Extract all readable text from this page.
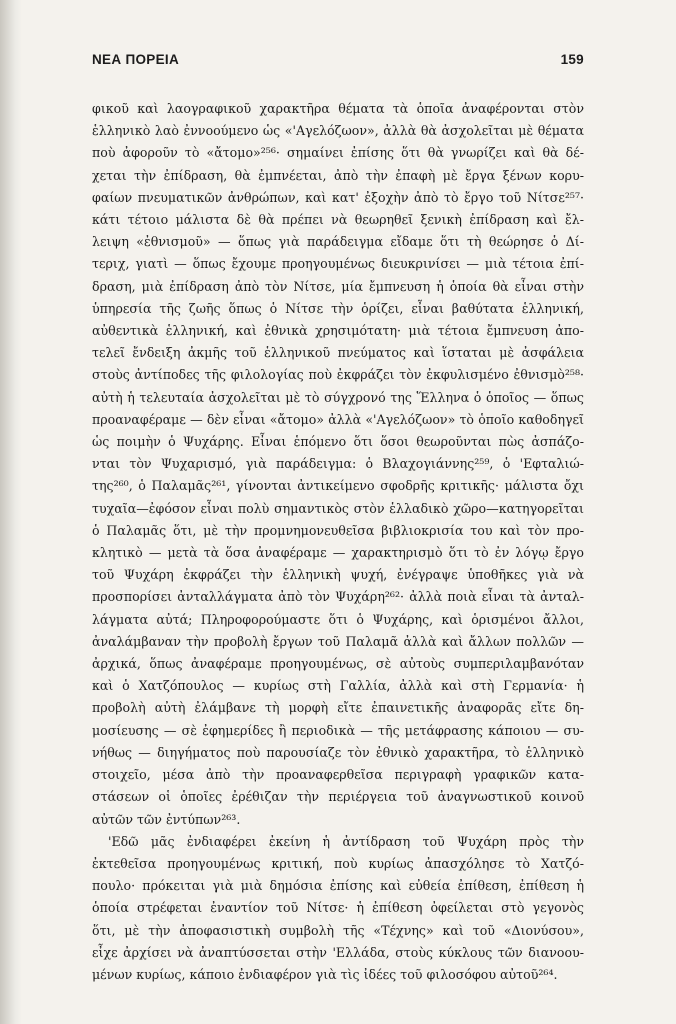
ΝΕΑ ΠΟΡΕΙΑ	159
φικοῦ καὶ λαογραφικοῦ χαρακτῆρα θέματα τὰ ὁποῖα ἀναφέρονται στὸν
ἑλληνικὸ λαὸ ἐννοούμενο ὡς «'Αγελόζωον», ἀλλὰ θὰ ἀσχολεῖται μὲ θέματα
ποὺ ἀφοροῦν τὸ «ἄτομο»²⁵⁶· σημαίνει ἐπίσης ὅτι θὰ γνωρίζει καὶ θὰ δέ-
χεται τὴν ἐπίδραση, θὰ ἐμπνέεται, ἀπὸ τὴν ἐπαφὴ μὲ ἔργα ξένων κορυ-
φαίων πνευματικῶν ἀνθρώπων, καὶ κατ' ἐξοχὴν ἀπὸ τὸ ἔργο τοῦ Νίτσε²⁵⁷·
κάτι τέτοιο μάλιστα δὲ θὰ πρέπει νὰ θεωρηθεῖ ξενικὴ ἐπίδραση καὶ ἔλ-
λειψη «ἐθνισμοῦ» — ὅπως γιὰ παράδειγμα εἴδαμε ὅτι τὴ θεώρησε ὁ Δί-
τεριχ, γιατὶ — ὅπως ἔχουμε προηγουμένως διευκρινίσει — μιὰ τέτοια ἐπί-
δραση, μιὰ ἐπίδραση ἀπὸ τὸν Νίτσε, μία ἔμπνευση ἡ ὁποία θὰ εἶναι στὴν
ὑπηρεσία τῆς ζωῆς ὅπως ὁ Νίτσε τὴν ὁρίζει, εἶναι βαθύτατα ἑλληνική,
αὐθεντικὰ ἑλληνική, καὶ ἐθνικὰ χρησιμότατη· μιὰ τέτοια ἔμπνευση ἀπο-
τελεῖ ἔνδειξη ἀκμῆς τοῦ ἑλληνικοῦ πνεύματος καὶ ἵσταται μὲ ἀσφάλεια
στοὺς ἀντίποδες τῆς φιλολογίας ποὺ ἐκφράζει τὸν ἐκφυλισμένο ἐθνισμὸ²⁵⁸·
αὐτὴ ἡ τελευταία ἀσχολεῖται μὲ τὸ σύγχρονό της Ἕλληνα ὁ ὁποῖος — ὅπως
προαναφέραμε — δὲν εἶναι «ἄτομο» ἀλλὰ «'Αγελόζωον» τὸ ὁποῖο καθοδηγεῖ
ὡς ποιμὴν ὁ Ψυχάρης. Εἶναι ἑπόμενο ὅτι ὅσοι θεωροῦνται πὼς ἀσπάζο-
νται τὸν Ψυχαρισμό, γιὰ παράδειγμα: ὁ Βλαχογιάννης²⁵⁹, ὁ 'Εφταλιώ-
της²⁶⁰, ὁ Παλαμᾶς²⁶¹, γίνονται ἀντικείμενο σφοδρῆς κριτικῆς· μάλιστα ὄχι
τυχαῖα—ἐφόσον εἶναι πολὺ σημαντικὸς στὸν ἑλλαδικὸ χῶρο—κατηγορεῖται
ὁ Παλαμᾶς ὅτι, μὲ τὴν προμνημονευθεῖσα βιβλιοκρισία του καὶ τὸν προ-
κλητικὸ — μετὰ τὰ ὅσα ἀναφέραμε — χαρακτηρισμὸ ὅτι τὸ ἐν λόγῳ ἔργο
τοῦ Ψυχάρη ἐκφράζει τὴν ἑλληνικὴ ψυχή, ἐνέγραψε ὑποθῆκες γιὰ νὰ
προσπορίσει ἀνταλλάγματα ἀπὸ τὸν Ψυχάρη²⁶²· ἀλλὰ ποιὰ εἶναι τὰ ἀνταλ-
λάγματα αὐτά; Πληροφορούμαστε ὅτι ὁ Ψυχάρης, καὶ ὁρισμένοι ἄλλοι,
ἀναλάμβαναν τὴν προβολὴ ἔργων τοῦ Παλαμᾶ ἀλλὰ καὶ ἄλλων πολλῶν —
ἀρχικά, ὅπως ἀναφέραμε προηγουμένως, σὲ αὐτοὺς συμπεριλαμβανόταν
καὶ ὁ Χατζόπουλος — κυρίως στὴ Γαλλία, ἀλλὰ καὶ στὴ Γερμανία· ἡ
προβολὴ αὐτὴ ἐλάμβανε τὴ μορφὴ εἴτε ἐπαινετικῆς ἀναφορᾶς εἴτε δη-
μοσίευσης — σὲ ἐφημερίδες ἢ περιοδικὰ — τῆς μετάφρασης κάποιου — συ-
νήθως — διηγήματος ποὺ παρουσίαζε τὸν ἐθνικὸ χαρακτῆρα, τὸ ἑλληνικὸ
στοιχεῖο, μέσα ἀπὸ τὴν προαναφερθεῖσα περιγραφὴ γραφικῶν κατα-
στάσεων οἱ ὁποῖες ἐρέθιζαν τὴν περιέργεια τοῦ ἀναγνωστικοῦ κοινοῦ
αὐτῶν τῶν ἐντύπων²⁶³.
'Εδῶ μᾶς ἐνδιαφέρει ἐκείνη ἡ ἀντίδραση τοῦ Ψυχάρη πρὸς τὴν
ἐκτεθεῖσα προηγουμένως κριτική, ποὺ κυρίως ἀπασχόλησε τὸ Χατζό-
πουλο· πρόκειται γιὰ μιὰ δημόσια ἐπίσης καὶ εὐθεία ἐπίθεση, ἐπίθεση ἡ
ὁποία στρέφεται ἐναντίον τοῦ Νίτσε· ἡ ἐπίθεση ὀφείλεται στὸ γεγονὸς
ὅτι, μὲ τὴν ἀποφασιστικὴ συμβολὴ τῆς «Τέχνης» καὶ τοῦ «Διονύσου»,
εἶχε ἀρχίσει νὰ ἀναπτύσσεται στὴν 'Ελλάδα, στοὺς κύκλους τῶν διανοου-
μένων κυρίως, κάποιο ἐνδιαφέρον γιὰ τὶς ἰδέες τοῦ φιλοσόφου αὐτοῦ²⁶⁴.
